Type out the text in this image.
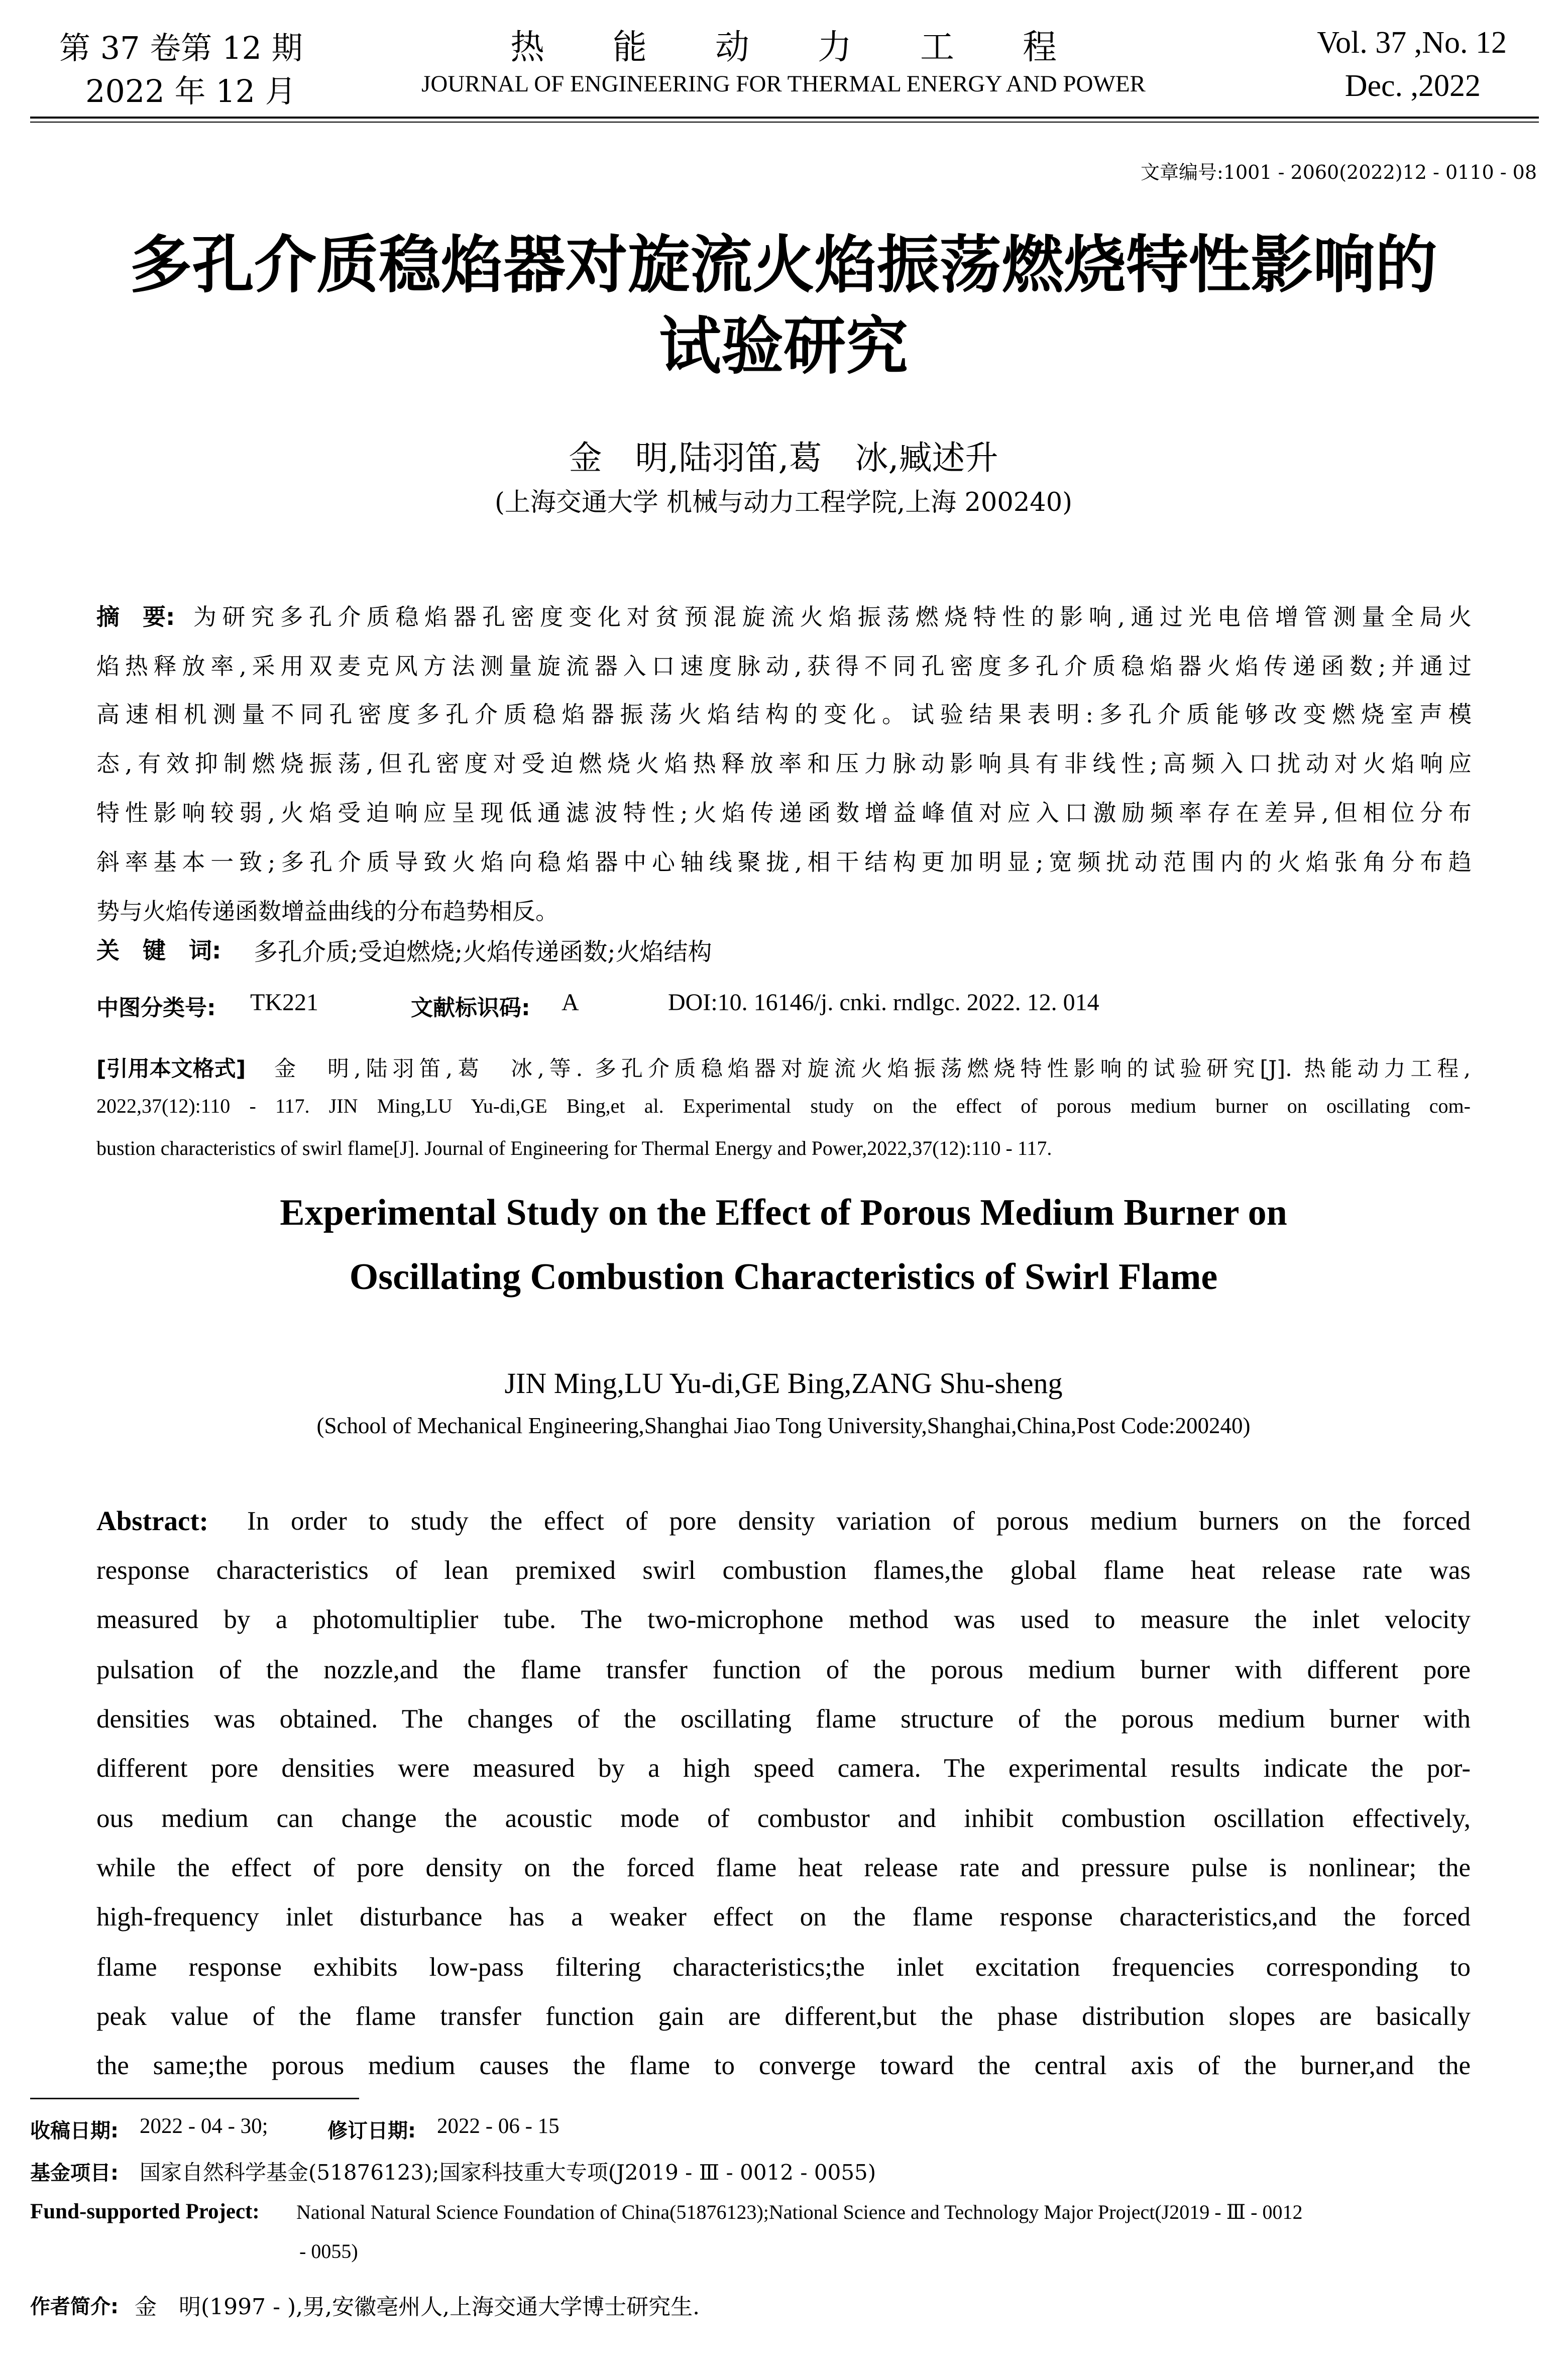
第 37 卷第 12 期
2022 年 12 月
热　　能　　动　　力　　工　　程
JOURNAL OF ENGINEERING FOR THERMAL ENERGY AND POWER
Vol. 37 ,No. 12
Dec. ,2022
文章编号:1001 - 2060(2022)12 - 0110 - 08
多孔介质稳焰器对旋流火焰振荡燃烧特性影响的
试验研究
金　明,陆羽笛,葛　冰,臧述升
(上海交通大学 机械与动力工程学院,上海 200240)
摘　要: 为研究多孔介质稳焰器孔密度变化对贫预混旋流火焰振荡燃烧特性的影响,通过光电倍增管测量全局火
焰热释放率,采用双麦克风方法测量旋流器入口速度脉动,获得不同孔密度多孔介质稳焰器火焰传递函数;并通过
高速相机测量不同孔密度多孔介质稳焰器振荡火焰结构的变化。试验结果表明:多孔介质能够改变燃烧室声模
态,有效抑制燃烧振荡,但孔密度对受迫燃烧火焰热释放率和压力脉动影响具有非线性;高频入口扰动对火焰响应
特性影响较弱,火焰受迫响应呈现低通滤波特性;火焰传递函数增益峰值对应入口激励频率存在差异,但相位分布
斜率基本一致;多孔介质导致火焰向稳焰器中心轴线聚拢,相干结构更加明显;宽频扰动范围内的火焰张角分布趋
势与火焰传递函数增益曲线的分布趋势相反。
关　键　词: 多孔介质;受迫燃烧;火焰传递函数;火焰结构
中图分类号: TK221	文献标识码: A	DOI:10. 16146/j. cnki. rndlgc. 2022. 12. 014
[引用本文格式] 金　明,陆羽笛,葛　冰,等. 多孔介质稳焰器对旋流火焰振荡燃烧特性影响的试验研究[J]. 热能动力工程,
2022,37(12):110 - 117. JIN Ming,LU Yu-di,GE Bing,et al. Experimental study on the effect of porous medium burner on oscillating com-
bustion characteristics of swirl flame[J]. Journal of Engineering for Thermal Energy and Power,2022,37(12):110 - 117.
Experimental Study on the Effect of Porous Medium Burner on
Oscillating Combustion Characteristics of Swirl Flame
JIN Ming,LU Yu-di,GE Bing,ZANG Shu-sheng
(School of Mechanical Engineering,Shanghai Jiao Tong University,Shanghai,China,Post Code:200240)
Abstract: In order to study the effect of pore density variation of porous medium burners on the forced
response characteristics of lean premixed swirl combustion flames,the global flame heat release rate was
measured by a photomultiplier tube. The two-microphone method was used to measure the inlet velocity
pulsation of the nozzle,and the flame transfer function of the porous medium burner with different pore
densities was obtained. The changes of the oscillating flame structure of the porous medium burner with
different pore densities were measured by a high speed camera. The experimental results indicate the por-
ous medium can change the acoustic mode of combustor and inhibit combustion oscillation effectively,
while the effect of pore density on the forced flame heat release rate and pressure pulse is nonlinear; the
high-frequency inlet disturbance has a weaker effect on the flame response characteristics,and the forced
flame response exhibits low-pass filtering characteristics;the inlet excitation frequencies corresponding to
peak value of the flame transfer function gain are different,but the phase distribution slopes are basically
the same;the porous medium causes the flame to converge toward the central axis of the burner,and the
收稿日期: 2022 - 04 - 30;	修订日期: 2022 - 06 - 15
基金项目: 国家自然科学基金(51876123);国家科技重大专项(J2019 - Ⅲ - 0012 - 0055)
Fund-supported Project: National Natural Science Foundation of China(51876123);National Science and Technology Major Project(J2019 - Ⅲ - 0012
- 0055)
作者简介: 金　明(1997 - ),男,安徽亳州人,上海交通大学博士研究生.
